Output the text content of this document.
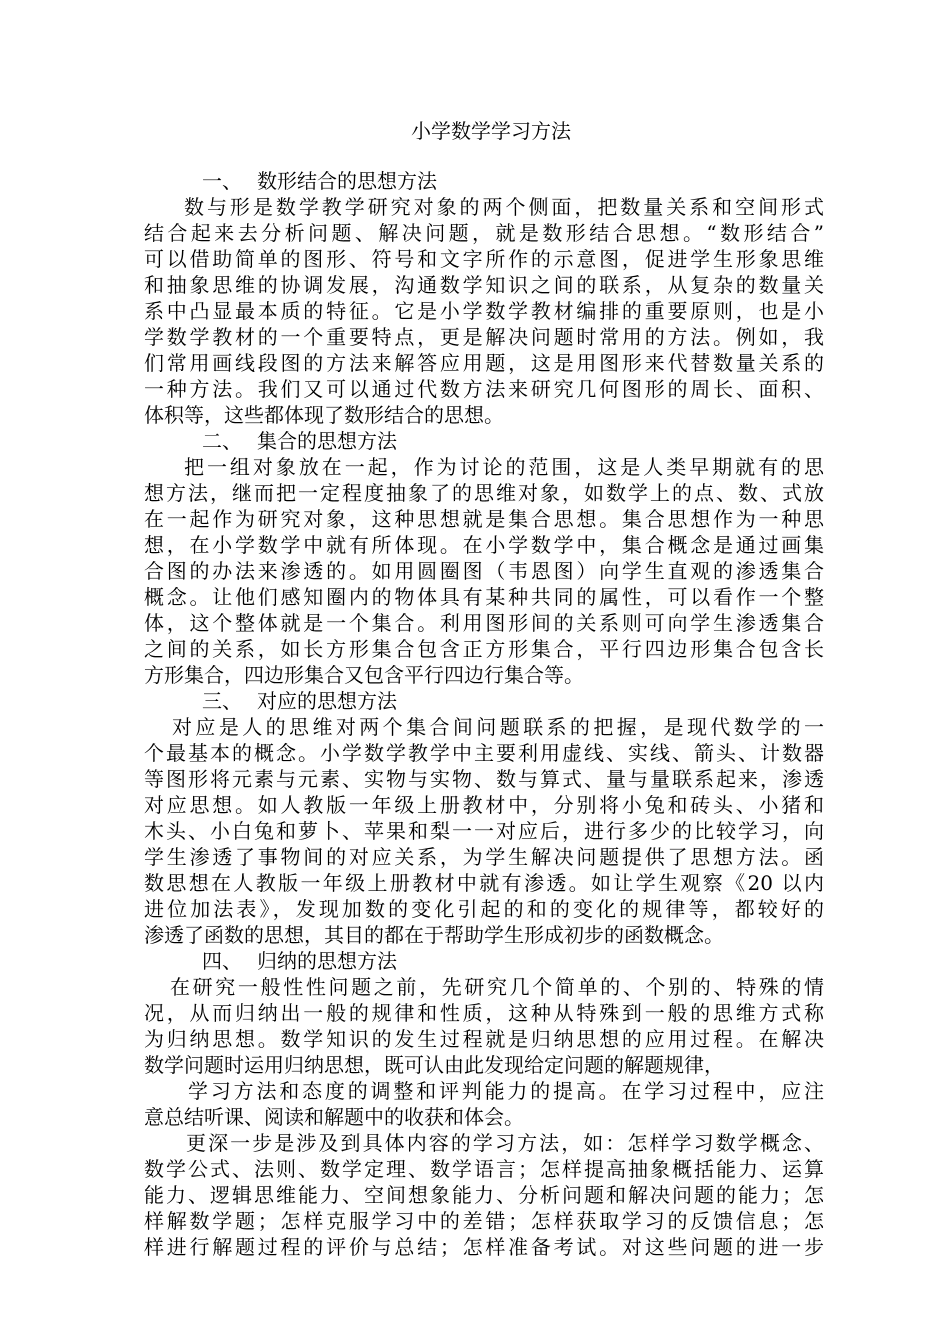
小学数学学习方法
一、 数形结合的思想方法
数与形是数学教学研究对象的两个侧面，把数量关系和空间形式
结合起来去分析问题、解决问题，就是数形结合思想。“数形结合”
可以借助简单的图形、符号和文字所作的示意图，促进学生形象思维
和抽象思维的协调发展，沟通数学知识之间的联系，从复杂的数量关
系中凸显最本质的特征。它是小学数学教材编排的重要原则，也是小
学数学教材的一个重要特点，更是解决问题时常用的方法。例如，我
们常用画线段图的方法来解答应用题，这是用图形来代替数量关系的
一种方法。我们又可以通过代数方法来研究几何图形的周长、面积、
体积等，这些都体现了数形结合的思想。
二、 集合的思想方法
把一组对象放在一起，作为讨论的范围，这是人类早期就有的思
想方法，继而把一定程度抽象了的思维对象，如数学上的点、数、式放
在一起作为研究对象，这种思想就是集合思想。集合思想作为一种思
想，在小学数学中就有所体现。在小学数学中，集合概念是通过画集
合图的办法来渗透的。如用圆圈图（韦恩图）向学生直观的渗透集合
概念。让他们感知圈内的物体具有某种共同的属性，可以看作一个整
体，这个整体就是一个集合。利用图形间的关系则可向学生渗透集合
之间的关系，如长方形集合包含正方形集合，平行四边形集合包含长
方形集合，四边形集合又包含平行四边行集合等。
三、 对应的思想方法
对应是人的思维对两个集合间问题联系的把握，是现代数学的一
个最基本的概念。小学数学教学中主要利用虚线、实线、箭头、计数器
等图形将元素与元素、实物与实物、数与算式、量与量联系起来，渗透
对应思想。如人教版一年级上册教材中，分别将小兔和砖头、小猪和
木头、小白兔和萝卜、苹果和梨一一对应后，进行多少的比较学习，向
学生渗透了事物间的对应关系，为学生解决问题提供了思想方法。函
数思想在人教版一年级上册教材中就有渗透。如让学生观察《20 以内
进位加法表》，发现加数的变化引起的和的变化的规律等，都较好的
渗透了函数的思想，其目的都在于帮助学生形成初步的函数概念。
四、 归纳的思想方法
在研究一般性性问题之前，先研究几个简单的、个别的、特殊的情
况，从而归纳出一般的规律和性质，这种从特殊到一般的思维方式称
为归纳思想。数学知识的发生过程就是归纳思想的应用过程。在解决
数学问题时运用归纳思想，既可认由此发现给定问题的解题规律，
学习方法和态度的调整和评判能力的提高。在学习过程中，应注
意总结听课、阅读和解题中的收获和体会。
更深一步是涉及到具体内容的学习方法，如：怎样学习数学概念、
数学公式、法则、数学定理、数学语言；怎样提高抽象概括能力、运算
能力、逻辑思维能力、空间想象能力、分析问题和解决问题的能力；怎
样解数学题；怎样克服学习中的差错；怎样获取学习的反馈信息；怎
样进行解题过程的评价与总结；怎样准备考试。对这些问题的进一步
